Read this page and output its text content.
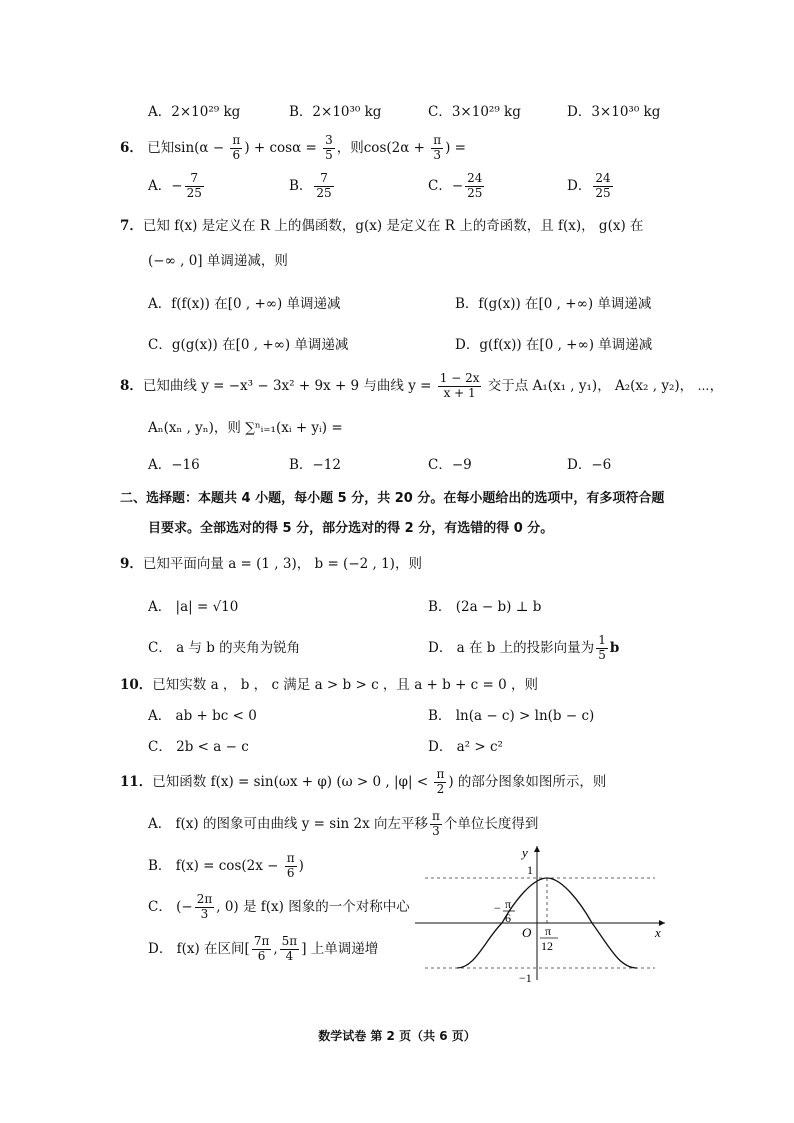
A．2×10²⁹ kg	B．2×10³⁰ kg	C．3×10²⁹ kg	D．3×10³⁰ kg
6． 已知$\sin(\alpha - \frac{\pi}{6}$ ) + $\cos\alpha = \frac{3}{5}$ ，则$\cos(2\alpha + \frac{\pi}{3}$ ) =
A．− $\frac{7}{25}$	B． $\frac{7}{25}$	C．− $\frac{24}{25}$	D． $\frac{24}{25}$
7．已知 f(x) 是定义在 R 上的偶函数，g(x) 是定义在 R 上的奇函数，且 f(x)， g(x) 在
(−∞ , 0] 单调递减，则
A．f(f(x)) 在[0 , +∞) 单调递减	B．f(g(x)) 在[0 , +∞) 单调递减
C．g(g(x)) 在[0 , +∞) 单调递减	D．g(f(x)) 在[0 , +∞) 单调递减
8．已知曲线 y = −x³ − 3x² + 9x + 9 与曲线 $y = \frac{1 - 2x}{x + 1}$ 交于点 A₁(x₁ , y₁)， A₂(x₂ , y₂)， ⋯，
Aₙ(xₙ , yₙ)，则 ∑ⁿᵢ₌₁(xᵢ + yᵢ) =
A．−16	B．−12	C．−9	D．−6
二、选择题：本题共 4 小题，每小题 5 分，共 20 分。在每小题给出的选项中，有多项符合题
目要求。全部选对的得 5 分，部分选对的得 2 分，有选错的得 0 分。
9．已知平面向量 a = (1 , 3)， b = (−2 , 1)，则
A． |a| = √10	B． (2a − b) ⊥ b
C． a 与 b 的夹角为锐角	D． a 在 b 上的投影向量为 $\frac{1}{5}$ b
10．已知实数 a ， b ， c 满足 a > b > c ，且 a + b + c = 0 ，则
A． ab + bc < 0	B． ln(a − c) > ln(b − c)
C． 2b < a − c	D． a² > c²
11．已知函数 f(x) = sin(ωx + φ) (ω > 0 , $|\varphi| < \frac{\pi}{2}$ ) 的部分图象如图所示，则
A． f(x) 的图象可由曲线 y = sin 2x 向左平移 $\frac{\pi}{3}$ 个单位长度得到
B． $f(x) = \cos(2x - \frac{\pi}{6}$ )
C． (− $\frac{2\pi}{3}$ , 0) 是 f(x) 图象的一个对称中心
D． f(x) 在区间[ $\frac{7\pi}{6}$ , $\frac{5\pi}{4}$ ] 上单调递增
y
x
O
1
−1
− π
6
π
12
数学试卷 第 2 页（共 6 页）
